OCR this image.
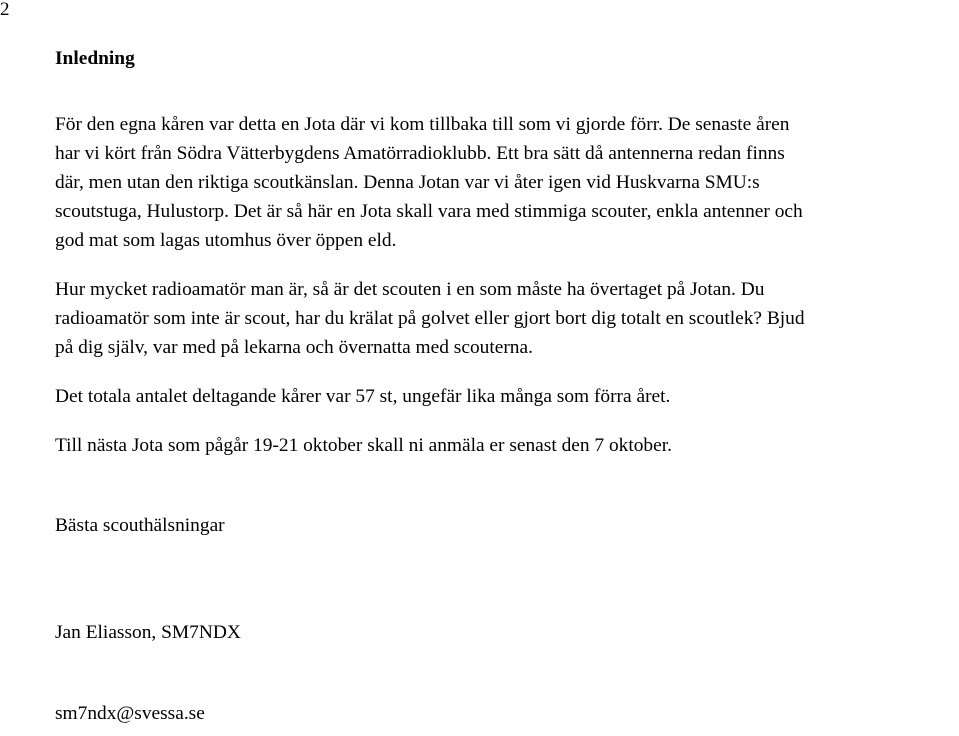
2
Inledning
För den egna kåren var detta en Jota där vi kom tillbaka till som vi gjorde förr. De senaste åren
har vi kört från Södra Vätterbygdens Amatörradioklubb. Ett bra sätt då antennerna redan finns
där, men utan den riktiga scoutkänslan. Denna Jotan var vi åter igen vid Huskvarna SMU:s
scoutstuga, Hulustorp. Det är så här en Jota skall vara med stimmiga scouter, enkla antenner och
god mat som lagas utomhus över öppen eld.
Hur mycket radioamatör man är, så är det scouten i en som måste ha övertaget på Jotan. Du
radioamatör som inte är scout, har du krälat på golvet eller gjort bort dig totalt en scoutlek? Bjud
på dig själv, var med på lekarna och övernatta med scouterna.
Det totala antalet deltagande kårer var 57 st, ungefär lika många som förra året.
Till nästa Jota som pågår 19-21 oktober skall ni anmäla er senast den 7 oktober.
Bästa scouthälsningar
Jan Eliasson, SM7NDX
sm7ndx@svessa.se
